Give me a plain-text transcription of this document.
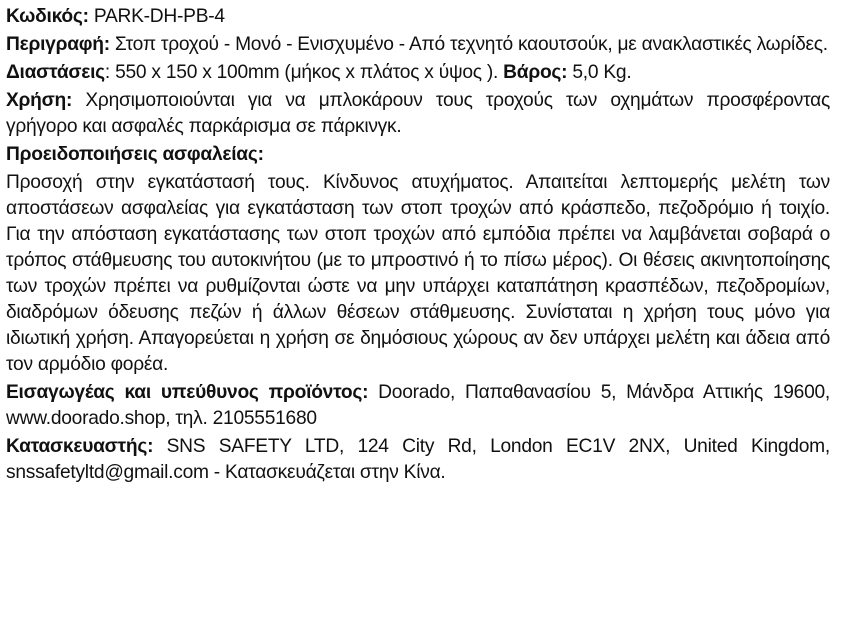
Κωδικός: PARK-DH-PB-4

Περιγραφή: Στοπ τροχού - Μονό - Ενισχυμένο - Από τεχνητό καουτσούκ, με ανακλαστικές λωρίδες.

Διαστάσεις: 550 x 150 x 100mm (μήκος x πλάτος x ύψος ). Βάρος: 5,0 Kg.

Χρήση: Χρησιμοποιούνται για να μπλοκάρουν τους τροχούς των οχημάτων προσφέροντας γρήγορο και ασφαλές παρκάρισμα σε πάρκινγκ.

Προειδοποιήσεις ασφαλείας:

Προσοχή στην εγκατάστασή τους. Κίνδυνος ατυχήματος. Απαιτείται λεπτομερής μελέτη των αποστάσεων ασφαλείας για εγκατάσταση των στοπ τροχών από κράσπεδο, πεζοδρόμιο ή τοιχίο. Για την απόσταση εγκατάστασης των στοπ τροχών από εμπόδια πρέπει να λαμβάνεται σοβαρά ο τρόπος στάθμευσης του αυτοκινήτου (με το μπροστινό ή το πίσω μέρος). Οι θέσεις ακινητοποίησης των τροχών πρέπει να ρυθμίζονται ώστε να μην υπάρχει καταπάτηση κρασπέδων, πεζοδρομίων, διαδρόμων όδευσης πεζών ή άλλων θέσεων στάθμευσης. Συνίσταται η χρήση τους μόνο για ιδιωτική χρήση. Απαγορεύεται η χρήση σε δημόσιους χώρους αν δεν υπάρχει μελέτη και άδεια από τον αρμόδιο φορέα.

Εισαγωγέας και υπεύθυνος προϊόντος: Doorado, Παπαθανασίου 5, Μάνδρα Αττικής 19600, www.doorado.shop, τηλ. 2105551680

Κατασκευαστής: SNS SAFETY LTD, 124 City Rd, London EC1V 2NX, United Kingdom, snssafetyltd@gmail.com - Κατασκευάζεται στην Κίνα.
